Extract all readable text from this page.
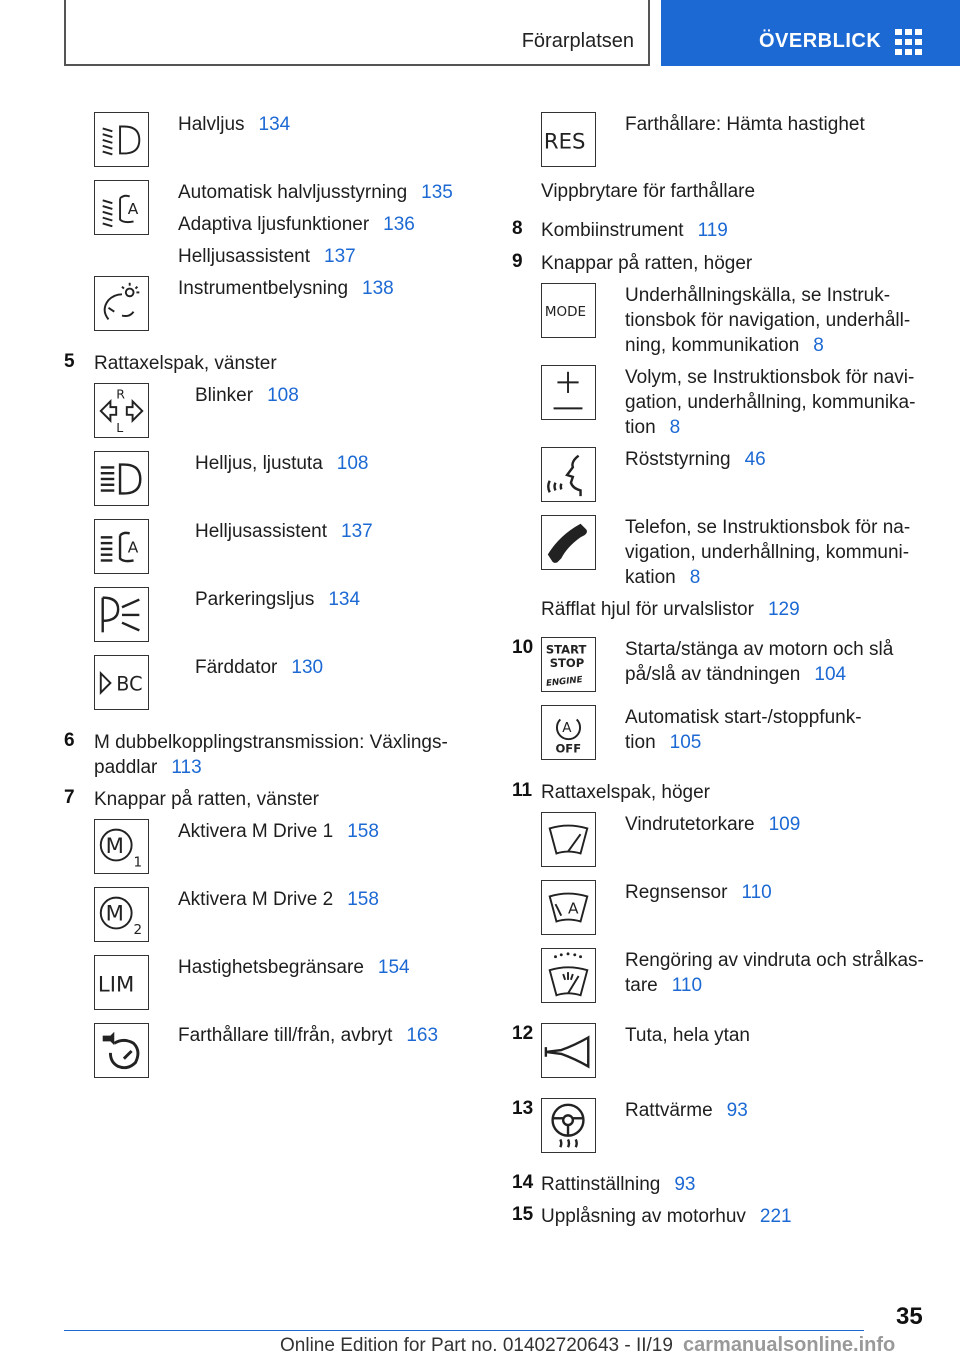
Förarplatsen	ÖVERBLICK
Halvljus 134
A
Automatisk halvljusstyrning 135
Adaptiva ljusfunktioner 136
Helljusassistent 137
Instrumentbelysning 138
5 Rattaxelspak, vänster
R
L
Blinker 108
Helljus, ljustuta 108
A
Helljusassistent 137
Parkeringsljus 134
BC
Färddator 130
6 M dubbelkopplingstransmission: Växlings-
paddlar 113
7 Knappar på ratten, vänster
M
1
Aktivera M Drive 1 158
M
2
Aktivera M Drive 2 158
LIM
Hastighetsbegränsare 154
Farthållare till/från, avbryt 163
RES
Farthållare: Hämta hastighet
Vippbrytare för farthållare
8 Kombiinstrument 119
9 Knappar på ratten, höger
MODE
Underhållningskälla, se Instruk-
tionsbok för navigation, underhåll-
ning, kommunikation 8
Volym, se Instruktionsbok för navi-
gation, underhållning, kommunika-
tion 8
Röststyrning 46
Telefon, se Instruktionsbok för na-
vigation, underhållning, kommuni-
kation 8
Räfflat hjul för urvalslistor 129
10 START
STOP
ENGINE
Starta/stänga av motorn och slå
på/slå av tändningen 104
A
OFF
Automatisk start-/stoppfunk-
tion 105
11 Rattaxelspak, höger
Vindrutetorkare 109
A
Regnsensor 110
Rengöring av vindruta och strålkas-
tare 110
12	Tuta, hela ytan
13	Rattvärme 93
14 Rattinställning 93
15 Upplåsning av motorhuv 221
35
Online Edition for Part no. 01402720643 - II/19 carmanualsonline.info
